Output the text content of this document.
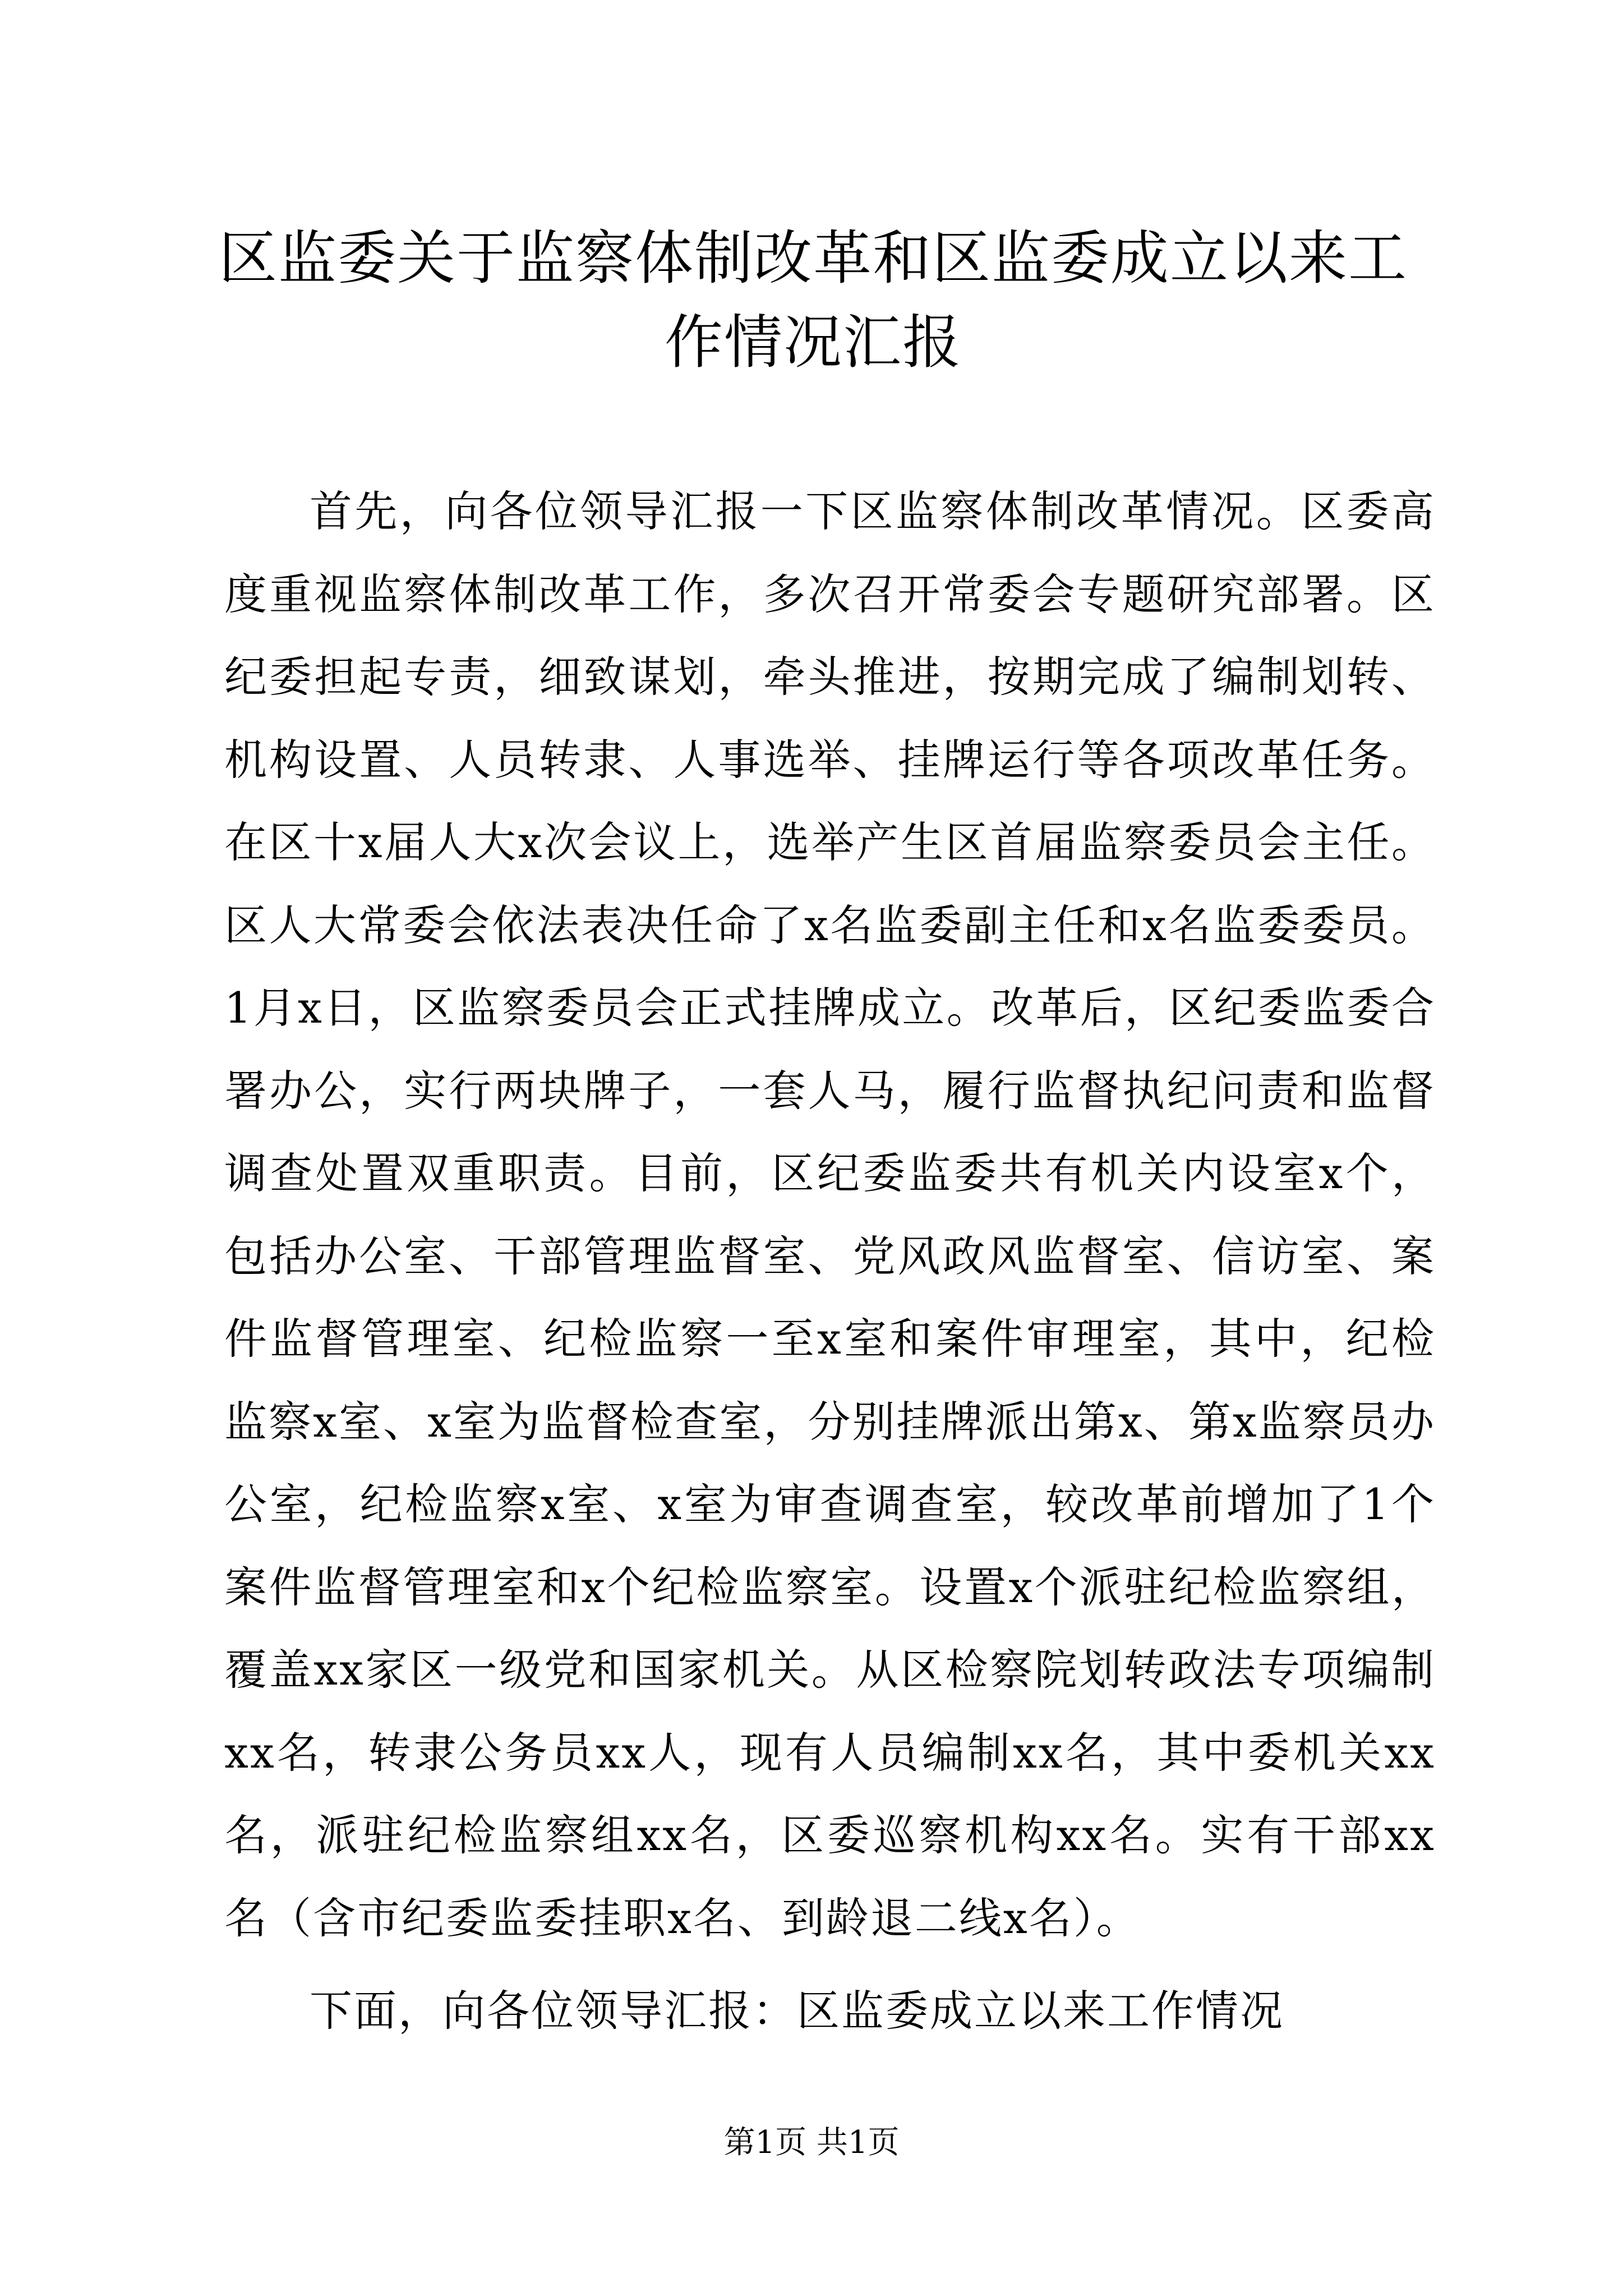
区监委关于监察体制改革和区监委成立以来工作情况汇报

首先，向各位领导汇报一下区监察体制改革情况。区委高度重视监察体制改革工作，多次召开常委会专题研究部署。区纪委担起专责，细致谋划，牵头推进，按期完成了编制划转、机构设置、人员转隶、人事选举、挂牌运行等各项改革任务。在区十x届人大x次会议上，选举产生区首届监察委员会主任。区人大常委会依法表决任命了x名监委副主任和x名监委委员。1月x日，区监察委员会正式挂牌成立。改革后，区纪委监委合署办公，实行两块牌子，一套人马，履行监督执纪问责和监督调查处置双重职责。目前，区纪委监委共有机关内设室x个，包括办公室、干部管理监督室、党风政风监督室、信访室、案件监督管理室、纪检监察一至x室和案件审理室，其中，纪检监察x室、x室为监督检查室，分别挂牌派出第x、第x监察员办公室，纪检监察x室、x室为审查调查室，较改革前增加了1个案件监督管理室和x个纪检监察室。设置x个派驻纪检监察组，覆盖xx家区一级党和国家机关。从区检察院划转政法专项编制xx名，转隶公务员xx人，现有人员编制xx名，其中委机关xx名，派驻纪检监察组xx名，区委巡察机构xx名。实有干部xx名（含市纪委监委挂职x名、到龄退二线x名）。

下面，向各位领导汇报：区监委成立以来工作情况

第1页 共1页
